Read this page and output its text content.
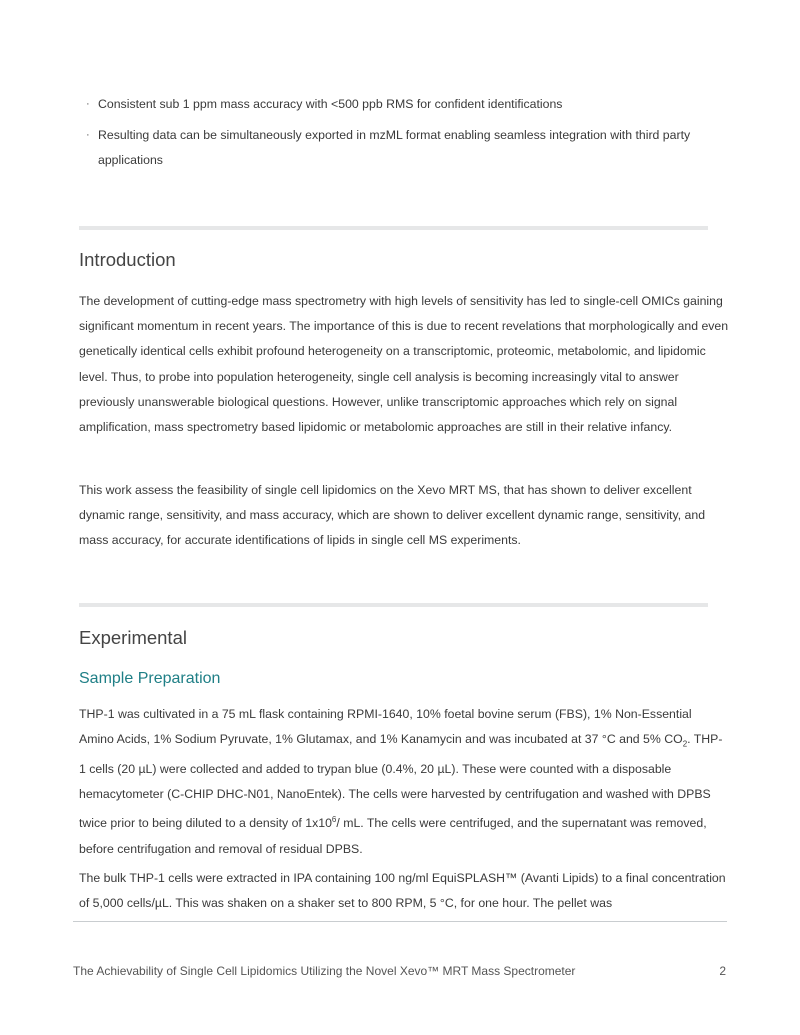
· Consistent sub 1 ppm mass accuracy with <500 ppb RMS for confident identifications
· Resulting data can be simultaneously exported in mzML format enabling seamless integration with third party applications
Introduction

The development of cutting-edge mass spectrometry with high levels of sensitivity has led to single-cell OMICs gaining significant momentum in recent years. The importance of this is due to recent revelations that morphologically and even genetically identical cells exhibit profound heterogeneity on a transcriptomic, proteomic, metabolomic, and lipidomic level. Thus, to probe into population heterogeneity, single cell analysis is becoming increasingly vital to answer previously unanswerable biological questions. However, unlike transcriptomic approaches which rely on signal amplification, mass spectrometry based lipidomic or metabolomic approaches are still in their relative infancy.

This work assess the feasibility of single cell lipidomics on the Xevo MRT MS, that has shown to deliver excellent dynamic range, sensitivity, and mass accuracy, which are shown to deliver excellent dynamic range, sensitivity, and mass accuracy, for accurate identifications of lipids in single cell MS experiments.

Experimental
Sample Preparation

THP-1 was cultivated in a 75 mL flask containing RPMI-1640, 10% foetal bovine serum (FBS), 1% Non-Essential Amino Acids, 1% Sodium Pyruvate, 1% Glutamax, and 1% Kanamycin and was incubated at 37 °C and 5% $CO_2$. THP-1 cells (20 µL) were collected and added to trypan blue (0.4%, 20 µL). These were counted with a disposable hemacytometer (C-CHIP DHC-N01, NanoEntek). The cells were harvested by centrifugation and washed with DPBS twice prior to being diluted to a density of $1x10^6/$ mL. The cells were centrifuged, and the supernatant was removed, before centrifugation and removal of residual DPBS.

The bulk THP-1 cells were extracted in IPA containing 100 ng/ml EquiSPLASH™ (Avanti Lipids) to a final concentration of 5,000 cells/µL. This was shaken on a shaker set to 800 RPM, 5 °C, for one hour. The pellet was

The Achievability of Single Cell Lipidomics Utilizing the Novel Xevo™ MRT Mass Spectrometer	2
